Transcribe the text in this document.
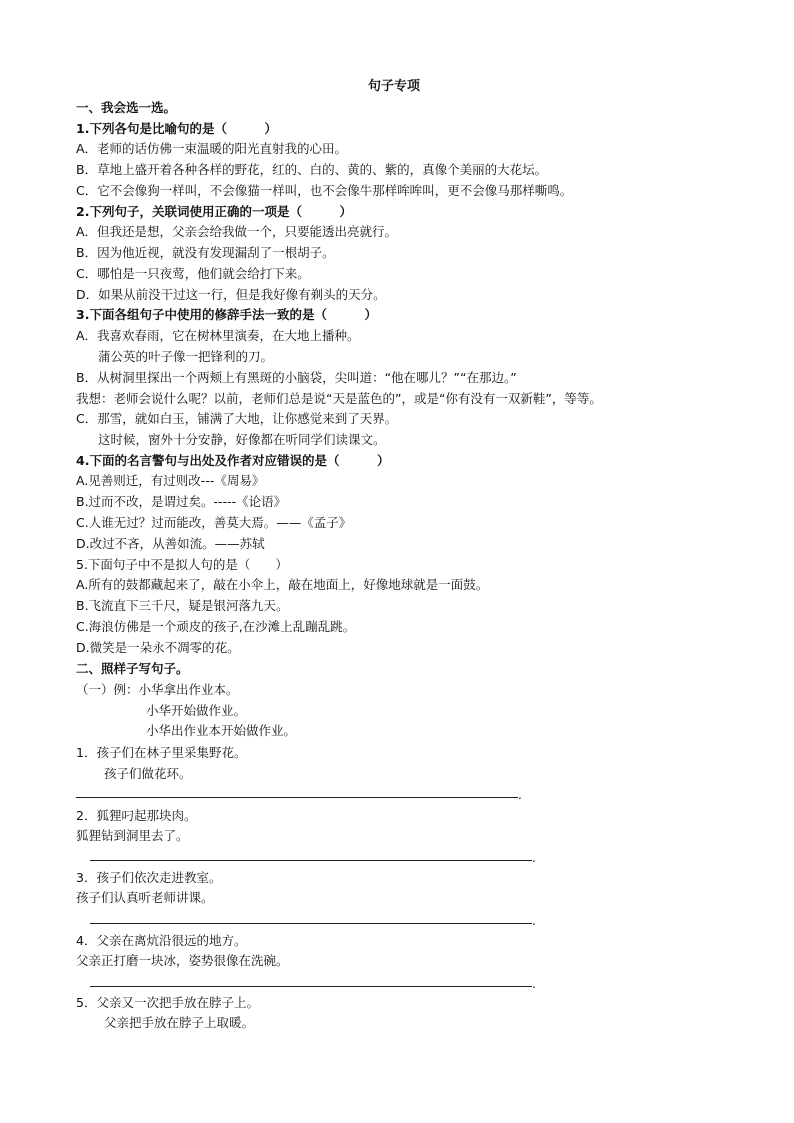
句子专项
一、我会选一选。
1.下列各句是比喻句的是（　　　）
A．老师的话仿佛一束温暖的阳光直射我的心田。
B．草地上盛开着各种各样的野花，红的、白的、黄的、紫的，真像个美丽的大花坛。
C．它不会像狗一样叫，不会像猫一样叫，也不会像牛那样哞哞叫，更不会像马那样嘶鸣。
2.下列句子，关联词使用正确的一项是（　　　）
A．但我还是想，父亲会给我做一个，只要能透出亮就行。
B．因为他近视，就没有发现漏刮了一根胡子。
C．哪怕是一只夜莺，他们就会给打下来。
D．如果从前没干过这一行，但是我好像有剃头的天分。
3.下面各组句子中使用的修辞手法一致的是（　　　）
A．我喜欢春雨，它在树林里演奏，在大地上播种。
蒲公英的叶子像一把锋利的刀。
B．从树洞里探出一个两颊上有黑斑的小脑袋，尖叫道：“他在哪儿？”“在那边。”
我想：老师会说什么呢？以前，老师们总是说“天是蓝色的”，或是“你有没有一双新鞋”，等等。
C．那雪，就如白玉，铺满了大地，让你感觉来到了天界。
这时候，窗外十分安静，好像都在听同学们读课文。
4.下面的名言警句与出处及作者对应错误的是（　　　）
A.见善则迁，有过则改---《周易》
B.过而不改，是谓过矣。-----《论语》
C.人谁无过？过而能改，善莫大焉。——《孟子》
D.改过不吝，从善如流。——苏轼
5.下面句子中不是拟人句的是（　　）
A.所有的鼓都藏起来了，敲在小伞上，敲在地面上，好像地球就是一面鼓。
B.飞流直下三千尺，疑是银河落九天。
C.海浪仿佛是一个顽皮的孩子,在沙滩上乱蹦乱跳。
D.微笑是一朵永不凋零的花。
二、照样子写句子。
（一）例：小华拿出作业本。
小华开始做作业。
小华出作业本开始做作业。
1．孩子们在林子里采集野花。
孩子们做花环。
.
2．狐狸叼起那块肉。
狐狸钻到洞里去了。
.
3．孩子们依次走进教室。
孩子们认真听老师讲课。
.
4．父亲在离炕沿很远的地方。
父亲正打磨一块冰，姿势很像在洗碗。
.
5．父亲又一次把手放在脖子上。
父亲把手放在脖子上取暖。
